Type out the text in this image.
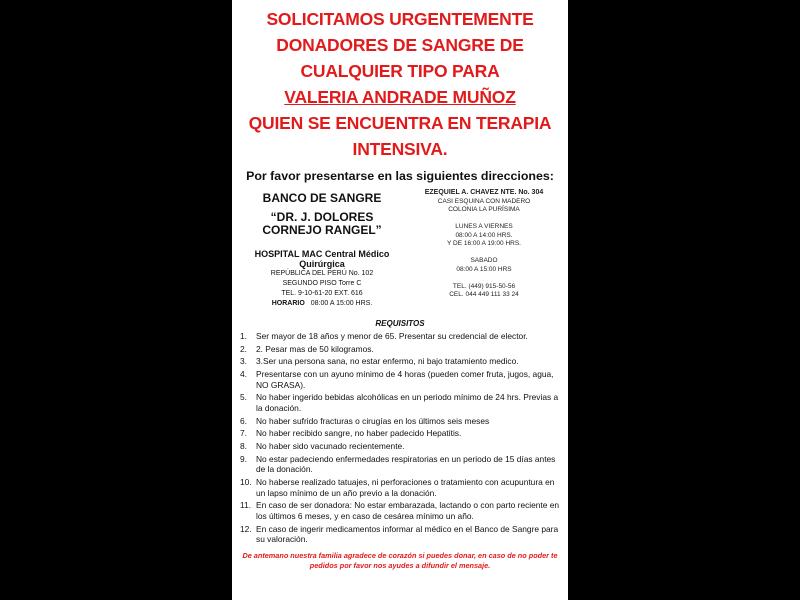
SOLICITAMOS URGENTEMENTE
DONADORES DE SANGRE DE
CUALQUIER TIPO PARA
VALERIA ANDRADE MUÑOZ
QUIEN SE ENCUENTRA EN TERAPIA
INTENSIVA.
Por favor presentarse en las siguientes direcciones:
BANCO DE SANGRE
“DR. J. DOLORES
CORNEJO RANGEL”
HOSPITAL MAC Central Médico
Quirúrgica
REPÚBLICA DEL PERÚ No. 102
SEGUNDO PISO Torre C
TEL. 9-10-61-20 EXT. 616
HORARIO 08:00 A 15:00 HRS.
EZEQUIEL A. CHAVEZ NTE. No. 304
CASI ESQUINA CON MADERO
COLONIA LA PURÍSIMA
LUNES A VIERNES
08:00 A 14:00 HRS.
Y DE 16:00 A 19:00 HRS.
SABADO
08:00 A 15:00 HRS
TEL. (449) 915-50-56
CEL. 044 449 111 33 24
REQUISITOS
1.	Ser mayor de 18 años y menor de 65. Presentar su credencial de elector.
2.	2. Pesar mas de 50 kilogramos.
3.	3.Ser una persona sana, no estar enfermo, ni bajo tratamiento medico.
4.	Presentarse con un ayuno mínimo de 4 horas (pueden comer fruta, jugos, agua, NO GRASA).
5.	No haber ingerido bebidas alcohólicas en un periodo mínimo de 24 hrs. Previas a la donación.
6.	No haber sufrido fracturas o cirugías en los últimos seis meses
7.	No haber recibido sangre, no haber padecido Hepatitis.
8.	No haber sido vacunado recientemente.
9.	No estar padeciendo enfermedades respiratorias en un periodo de 15 días antes de la donación.
10. No haberse realizado tatuajes, ni perforaciones o tratamiento con acupuntura en un lapso mínimo de un año previo a la donación.
11. En caso de ser donadora: No estar embarazada, lactando o con parto reciente en los últimos 6 meses, y en caso de cesárea mínimo un año.
12. En caso de ingerir medicamentos informar al médico en el Banco de Sangre para su valoración.
De antemano nuestra familia agradece de corazón si puedes donar, en caso de no poder te pedidos por favor nos ayudes a difundir el mensaje.
